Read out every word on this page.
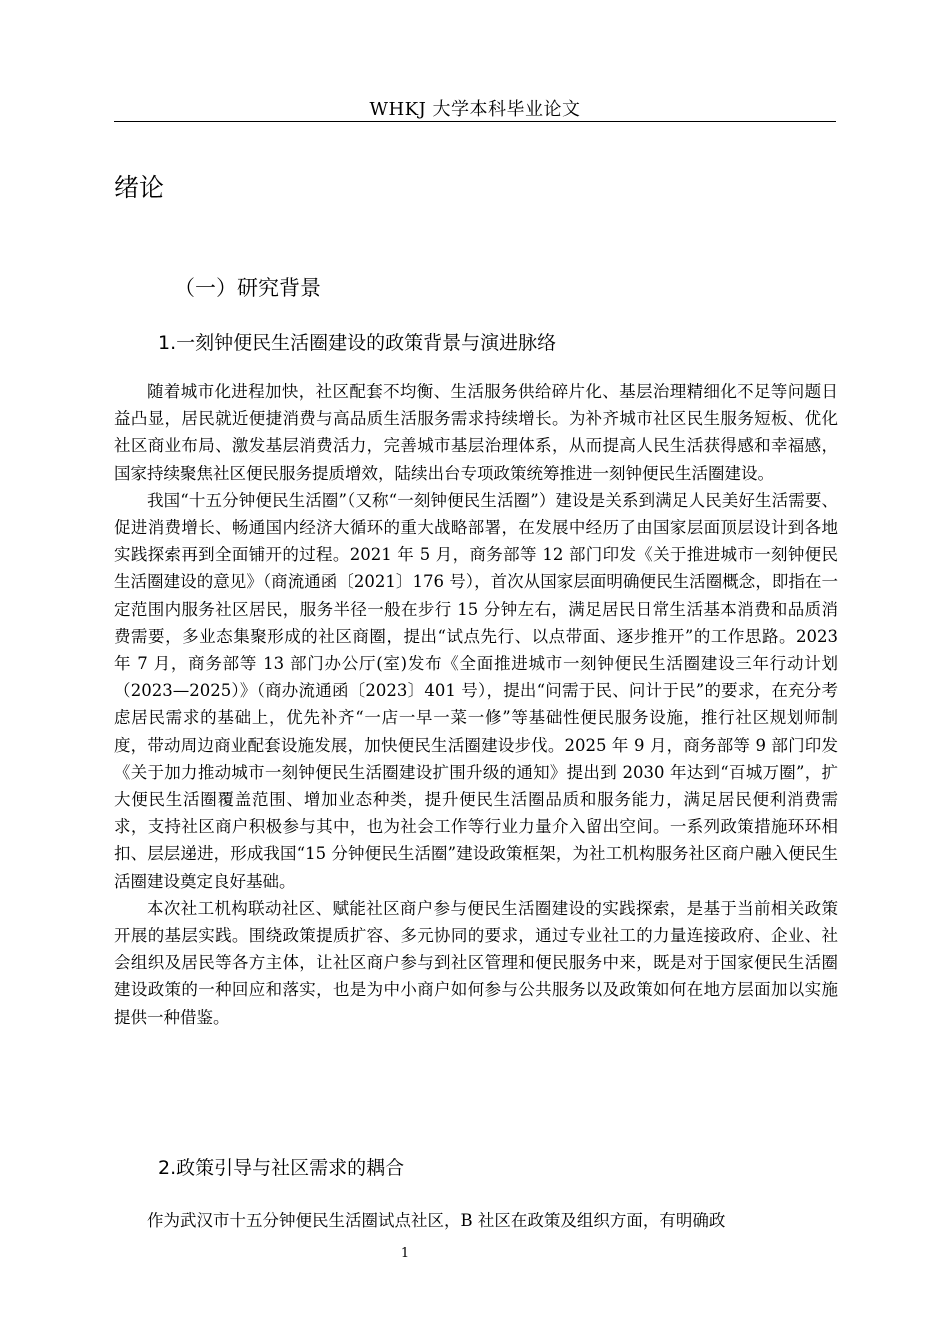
WHKJ 大学本科毕业论文
绪论
（一）研究背景
1.一刻钟便民生活圈建设的政策背景与演进脉络

随着城市化进程加快，社区配套不均衡、生活服务供给碎片化、基层治理精细化不足等问题日益凸显，居民就近便捷消费与高品质生活服务需求持续增长。为补齐城市社区民生服务短板、优化社区商业布局、激发基层消费活力，完善城市基层治理体系，从而提高人民生活获得感和幸福感，国家持续聚焦社区便民服务提质增效，陆续出台专项政策统筹推进一刻钟便民生活圈建设。

我国“十五分钟便民生活圈”（又称“一刻钟便民生活圈”）建设是关系到满足人民美好生活需要、促进消费增长、畅通国内经济大循环的重大战略部署，在发展中经历了由国家层面顶层设计到各地实践探索再到全面铺开的过程。2021 年 5 月，商务部等 12 部门印发《关于推进城市一刻钟便民生活圈建设的意见》（商流通函〔2021〕176 号），首次从国家层面明确便民生活圈概念，即指在一定范围内服务社区居民，服务半径一般在步行 15 分钟左右，满足居民日常生活基本消费和品质消费需要，多业态集聚形成的社区商圈，提出“试点先行、以点带面、逐步推开”的工作思路。2023 年 7 月，商务部等 13 部门办公厅(室)发布《全面推进城市一刻钟便民生活圈建设三年行动计划（2023—2025）》（商办流通函〔2023〕401 号），提出“问需于民、问计于民”的要求，在充分考虑居民需求的基础上，优先补齐“一店一早一菜一修”等基础性便民服务设施，推行社区规划师制度，带动周边商业配套设施发展，加快便民生活圈建设步伐。2025 年 9 月，商务部等 9 部门印发《关于加力推动城市一刻钟便民生活圈建设扩围升级的通知》提出到 2030 年达到“百城万圈”，扩大便民生活圈覆盖范围、增加业态种类，提升便民生活圈品质和服务能力，满足居民便利消费需求，支持社区商户积极参与其中，也为社会工作等行业力量介入留出空间。一系列政策措施环环相扣、层层递进，形成我国“15 分钟便民生活圈”建设政策框架，为社工机构服务社区商户融入便民生活圈建设奠定良好基础。

本次社工机构联动社区、赋能社区商户参与便民生活圈建设的实践探索，是基于当前相关政策开展的基层实践。围绕政策提质扩容、多元协同的要求，通过专业社工的力量连接政府、企业、社会组织及居民等各方主体，让社区商户参与到社区管理和便民服务中来，既是对于国家便民生活圈建设政策的一种回应和落实，也是为中小商户如何参与公共服务以及政策如何在地方层面加以实施提供一种借鉴。

2.政策引导与社区需求的耦合

作为武汉市十五分钟便民生活圈试点社区，B 社区在政策及组织方面，有明确政

1
